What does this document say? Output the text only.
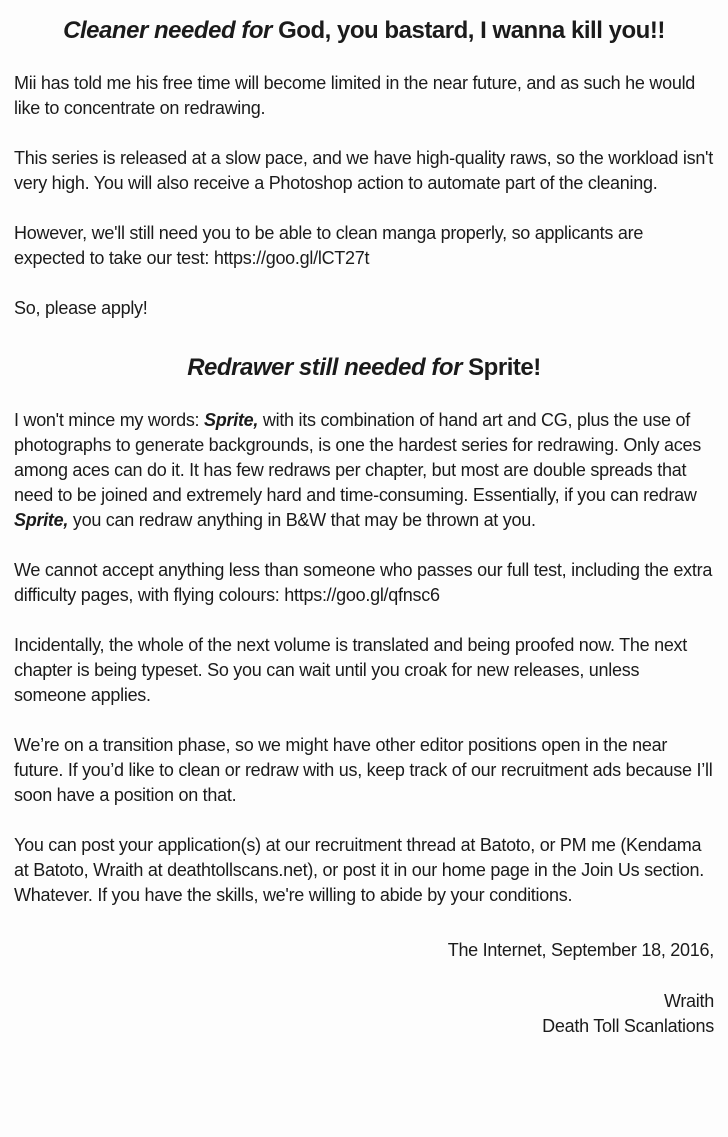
Cleaner needed for God, you bastard, I wanna kill you!!

Mii has told me his free time will become limited in the near future, and as such he would like to concentrate on redrawing.

This series is released at a slow pace, and we have high-quality raws, so the workload isn't very high. You will also receive a Photoshop action to automate part of the cleaning.

However, we'll still need you to be able to clean manga properly, so applicants are expected to take our test: https://goo.gl/lCT27t

So, please apply!

Redrawer still needed for Sprite!

I won't mince my words: Sprite, with its combination of hand art and CG, plus the use of photographs to generate backgrounds, is one the hardest series for redrawing. Only aces among aces can do it. It has few redraws per chapter, but most are double spreads that need to be joined and extremely hard and time-consuming. Essentially, if you can redraw Sprite, you can redraw anything in B&W that may be thrown at you.

We cannot accept anything less than someone who passes our full test, including the extra difficulty pages, with flying colours: https://goo.gl/qfnsc6

Incidentally, the whole of the next volume is translated and being proofed now. The next chapter is being typeset. So you can wait until you croak for new releases, unless someone applies.

We’re on a transition phase, so we might have other editor positions open in the near future. If you’d like to clean or redraw with us, keep track of our recruitment ads because I’ll soon have a position on that.

You can post your application(s) at our recruitment thread at Batoto, or PM me (Kendama at Batoto, Wraith at deathtollscans.net), or post it in our home page in the Join Us section. Whatever. If you have the skills, we're willing to abide by your conditions.

The Internet, September 18, 2016,

Wraith

Death Toll Scanlations
